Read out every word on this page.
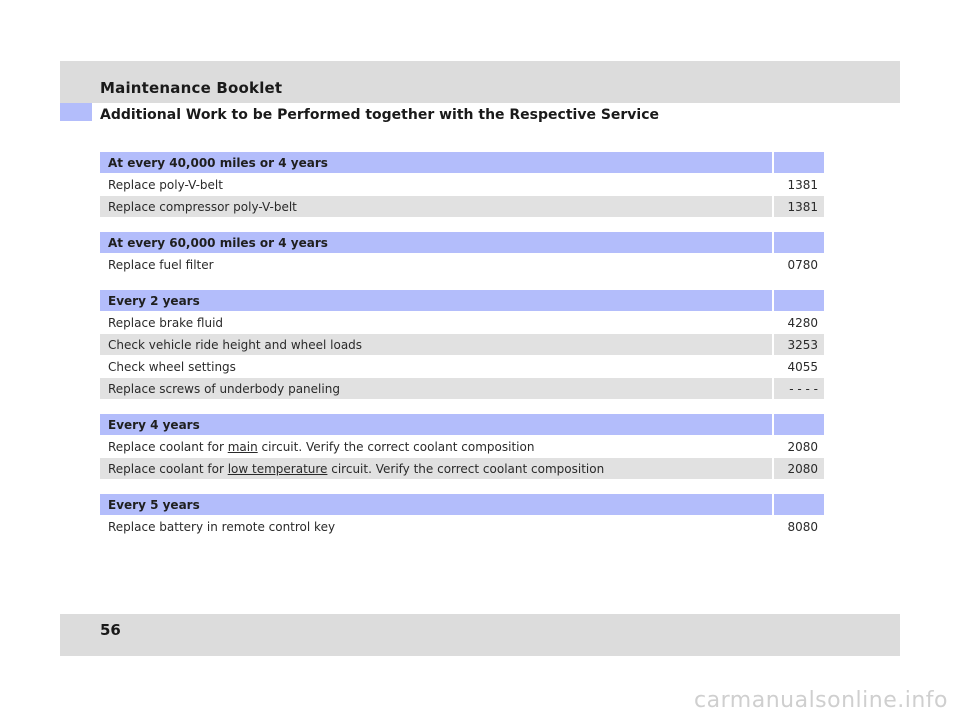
Maintenance Booklet
Additional Work to be Performed together with the Respective Service
At every 40,000 miles or 4 years
Replace poly-V-belt	1381
Replace compressor poly-V-belt	1381
At every 60,000 miles or 4 years
Replace fuel filter	0780
Every 2 years
Replace brake fluid	4280
Check vehicle ride height and wheel loads	3253
Check wheel settings	4055
Replace screws of underbody paneling	- - - -
Every 4 years
Replace coolant for main circuit. Verify the correct coolant composition	2080
Replace coolant for low temperature circuit. Verify the correct coolant composition	2080
Every 5 years
Replace battery in remote control key	8080
56
carmanualsonline.info
